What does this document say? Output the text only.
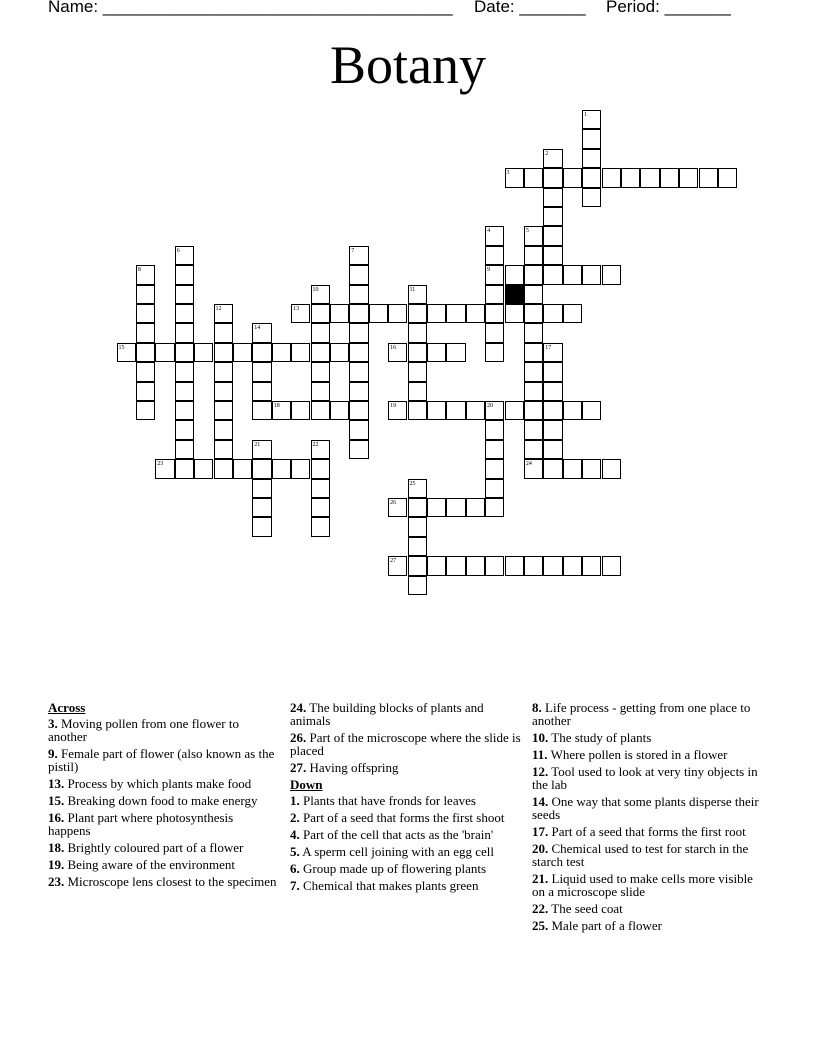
Name: _____________________________________

Date: _______

Period: _______

Botany
3
9
13
15	16
18	19
23	24
26
27
1
2
4	5
6	7
8
10	11
12
14
17
20
21	22
25
Across
3. Moving pollen from one flower to another
9. Female part of flower (also known as the pistil)
13. Process by which plants make food
15. Breaking down food to make energy
16. Plant part where photosynthesis happens
18. Brightly coloured part of a flower
19. Being aware of the environment
23. Microscope lens closest to the specimen
24. The building blocks of plants and animals
26. Part of the microscope where the slide is placed
27. Having offspring
Down
1. Plants that have fronds for leaves
2. Part of a seed that forms the first shoot
4. Part of the cell that acts as the 'brain'
5. A sperm cell joining with an egg cell
6. Group made up of flowering plants
7. Chemical that makes plants green
8. Life process - getting from one place to another
10. The study of plants
11. Where pollen is stored in a flower
12. Tool used to look at very tiny objects in the lab
14. One way that some plants disperse their seeds
17. Part of a seed that forms the first root
20. Chemical used to test for starch in the starch test
21. Liquid used to make cells more visible on a microscope slide
22. The seed coat
25. Male part of a flower
